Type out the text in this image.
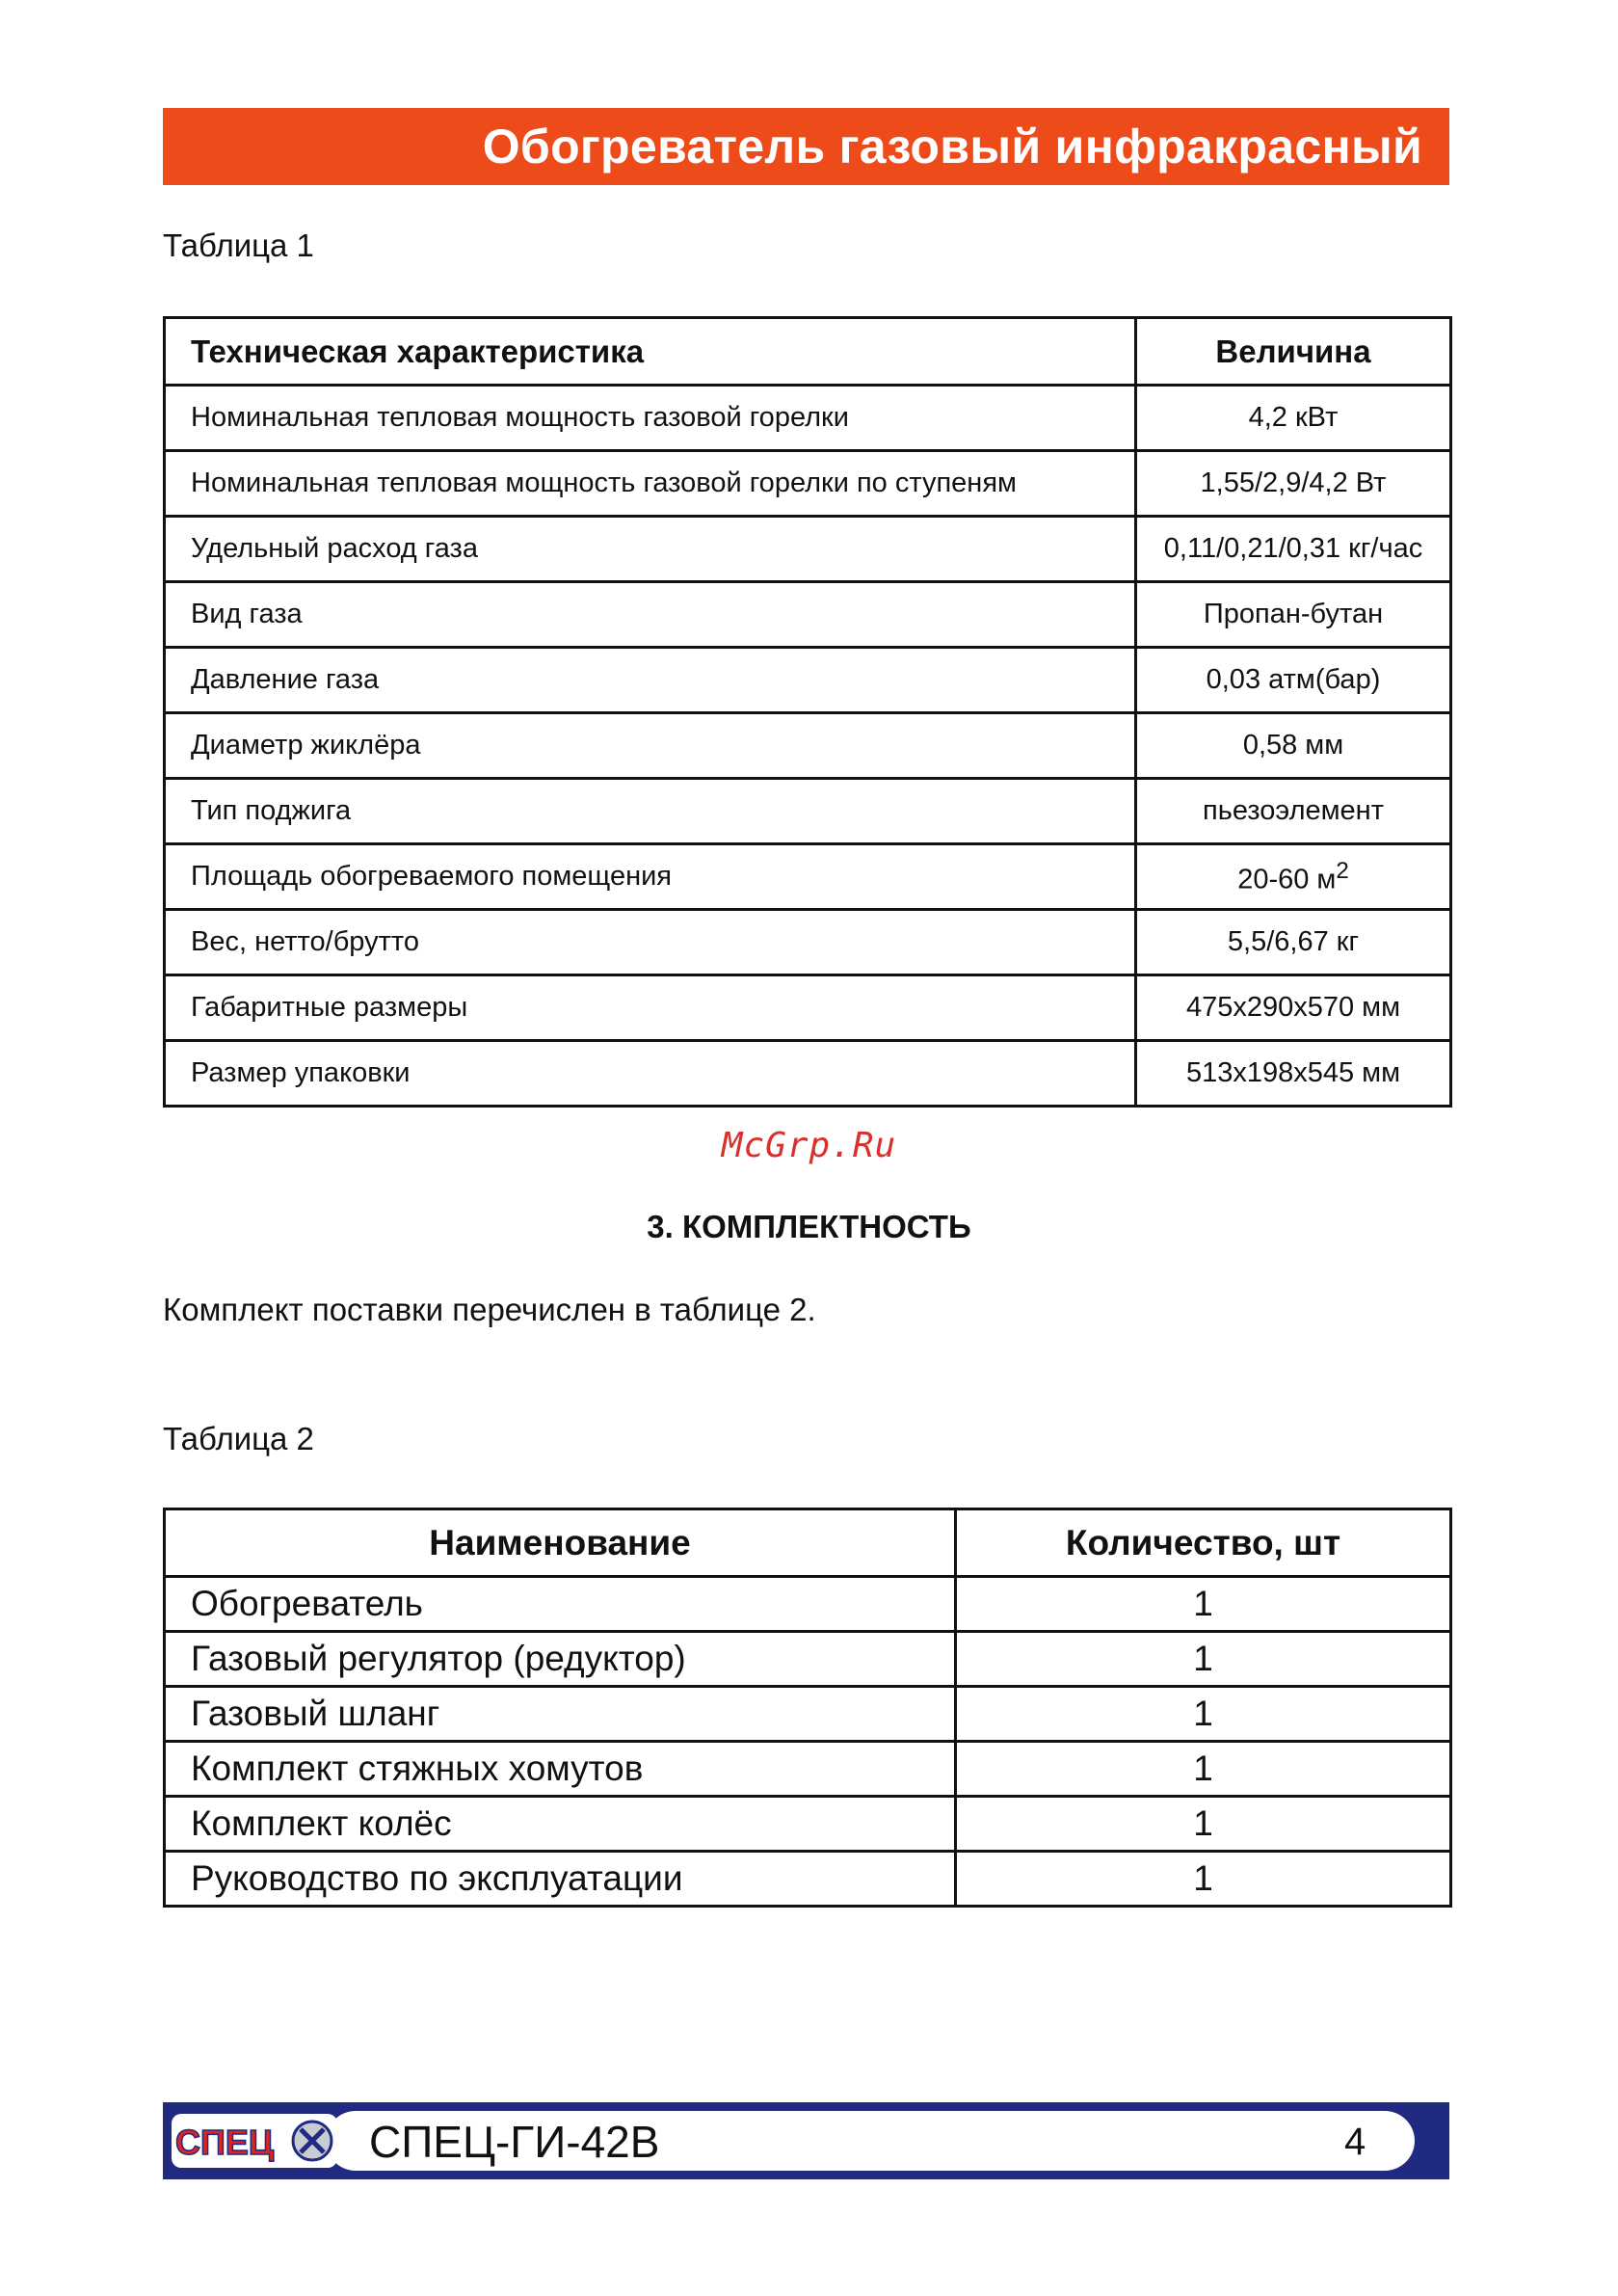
Обогреватель газовый инфракрасный
Таблица 1
Техническая характеристика	Величина
Номинальная тепловая мощность газовой горелки	4,2 кВт
Номинальная тепловая мощность газовой горелки по ступеням	1,55/2,9/4,2 Вт
Удельный расход газа	0,11/0,21/0,31 кг/час
Вид газа	Пропан-бутан
Давление газа	0,03 атм(бар)
Диаметр жиклёра	0,58 мм
Тип поджига	пьезоэлемент
Площадь обогреваемого помещения	20-60 $м^2$
Вес, нетто/брутто	5,5/6,67 кг
Габаритные размеры	475x290x570 мм
Размер упаковки	513x198x545 мм
McGrp.Ru
3. КОМПЛЕКТНОСТЬ
Комплект поставки перечислен в таблице 2.
Таблица 2
Наименование	Количество, шт
Обогреватель	1
Газовый регулятор (редуктор)	1
Газовый шланг	1
Комплект стяжных хомутов	1
Комплект колёс	1
Руководство по эксплуатации	1
СПЕЦ СПЕЦ-ГИ-42В	4
